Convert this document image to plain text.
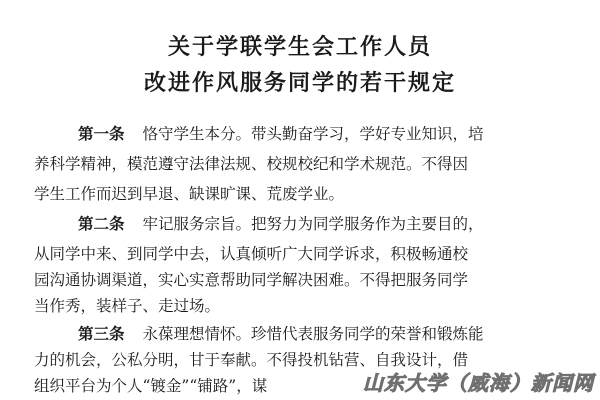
关于学联学生会工作人员
改进作风服务同学的若干规定
第一条 恪守学生本分。带头勤奋学习，学好专业知识，培
养科学精神，模范遵守法律法规、校规校纪和学术规范。不得因
学生工作而迟到早退、缺课旷课、荒废学业。
第二条 牢记服务宗旨。把努力为同学服务作为主要目的，
从同学中来、到同学中去，认真倾听广大同学诉求，积极畅通校
园沟通协调渠道，实心实意帮助同学解决困难。不得把服务同学
当作秀，装样子、走过场。
第三条 永葆理想情怀。珍惜代表服务同学的荣誉和锻炼能
力的机会，公私分明，甘于奉献。不得投机钻营、自我设计，借
组织平台为个人“镀金”“铺路”，谋	山东大学（威海）新闻网
